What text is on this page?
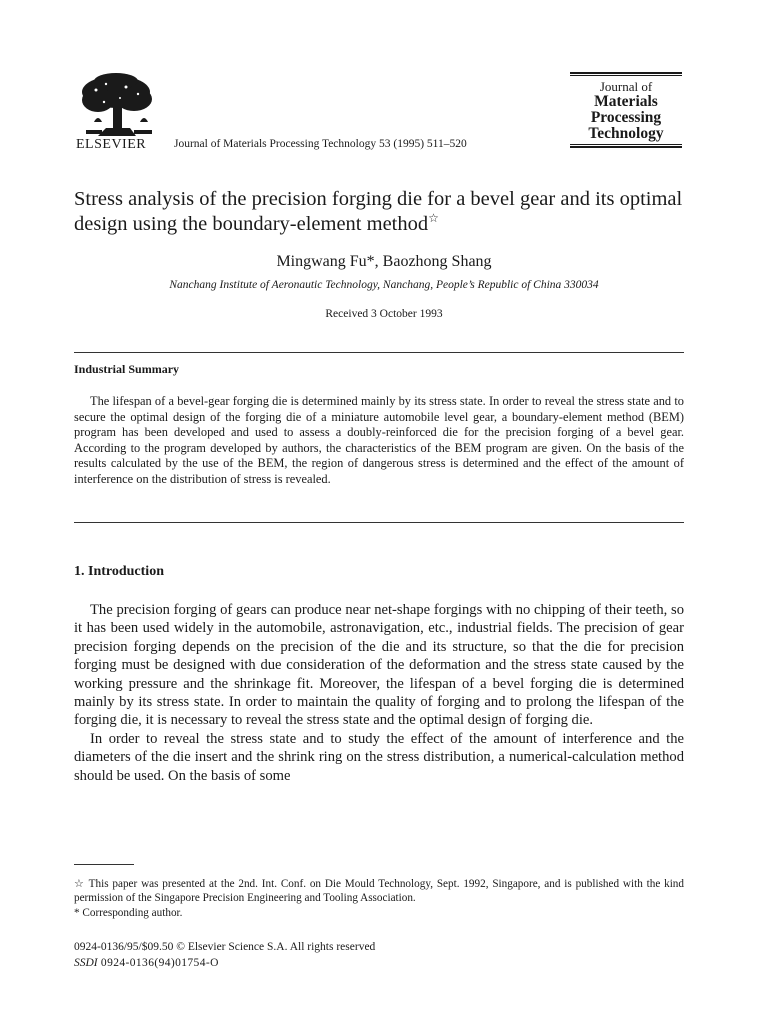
ELSEVIER Journal of Materials Processing Technology 53 (1995) 511–520
Journal of
Materials
Processing
Technology
Stress analysis of the precision forging die for a bevel gear and its optimal design using the boundary-element method☆
Mingwang Fu*, Baozhong Shang
Nanchang Institute of Aeronautic Technology, Nanchang, People’s Republic of China 330034
Received 3 October 1993
Industrial Summary
The lifespan of a bevel-gear forging die is determined mainly by its stress state. In order to reveal the stress state and to secure the optimal design of the forging die of a miniature automobile level gear, a boundary-element method (BEM) program has been developed and used to assess a doubly-reinforced die for the precision forging of a bevel gear. According to the program developed by authors, the characteristics of the BEM program are given. On the basis of the results calculated by the use of the BEM, the region of dangerous stress is determined and the effect of the amount of interference on the distribution of stress is revealed.
1. Introduction

The precision forging of gears can produce near net-shape forgings with no chipping of their teeth, so it has been used widely in the automobile, astronavigation, etc., industrial fields. The precision of gear precision forging depends on the precision of the die and its structure, so that the die for precision forging must be designed with due consideration of the deformation and the stress state caused by the working pressure and the shrinkage fit. Moreover, the lifespan of a bevel forging die is determined mainly by its stress state. In order to maintain the quality of forging and to prolong the lifespan of the forging die, it is necessary to reveal the stress state and the optimal design of forging die.

In order to reveal the stress state and to study the effect of the amount of interference and the diameters of the die insert and the shrink ring on the stress distribution, a numerical-calculation method should be used. On the basis of some

☆ This paper was presented at the 2nd. Int. Conf. on Die Mould Technology, Sept. 1992, Singapore, and is published with the kind permission of the Singapore Precision Engineering and Tooling Association.
* Corresponding author.
0924-0136/95/$09.50 © Elsevier Science S.A. All rights reserved
SSDI 0924-0136(94)01754-O
